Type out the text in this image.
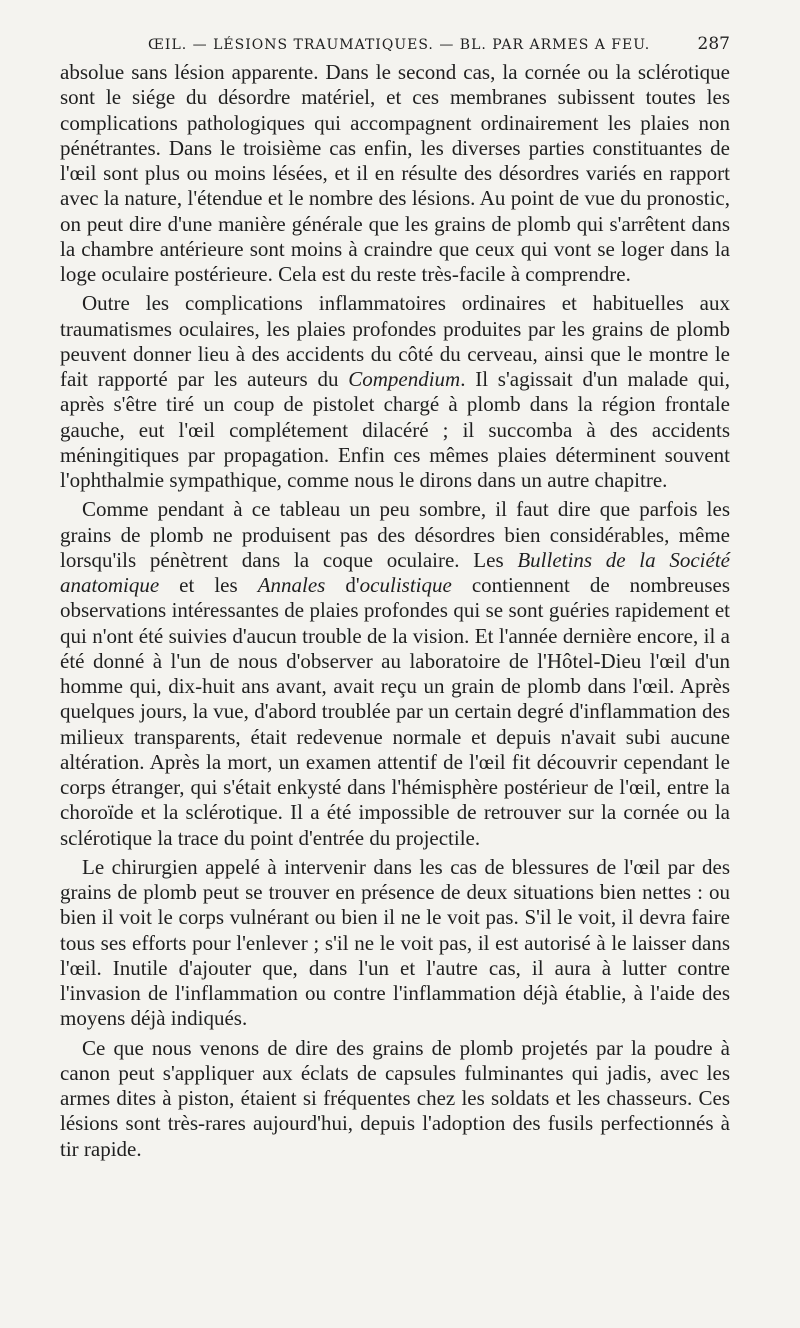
ŒIL. — LÉSIONS TRAUMATIQUES. — BL. PAR ARMES A FEU.	287

absolue sans lésion apparente. Dans le second cas, la cornée ou la sclérotique sont le siége du désordre matériel, et ces membranes subissent toutes les complications pathologiques qui accompagnent ordinairement les plaies non pénétrantes. Dans le troisième cas enfin, les diverses parties constituantes de l'œil sont plus ou moins lésées, et il en résulte des désordres variés en rapport avec la nature, l'étendue et le nombre des lésions. Au point de vue du pronostic, on peut dire d'une manière générale que les grains de plomb qui s'arrêtent dans la chambre antérieure sont moins à craindre que ceux qui vont se loger dans la loge oculaire postérieure. Cela est du reste très-facile à comprendre.

Outre les complications inflammatoires ordinaires et habituelles aux traumatismes oculaires, les plaies profondes produites par les grains de plomb peuvent donner lieu à des accidents du côté du cerveau, ainsi que le montre le fait rapporté par les auteurs du Compendium. Il s'agissait d'un malade qui, après s'être tiré un coup de pistolet chargé à plomb dans la région frontale gauche, eut l'œil complétement dilacéré ; il succomba à des accidents méningitiques par propagation. Enfin ces mêmes plaies déterminent souvent l'ophthalmie sympathique, comme nous le dirons dans un autre chapitre.

Comme pendant à ce tableau un peu sombre, il faut dire que parfois les grains de plomb ne produisent pas des désordres bien considérables, même lorsqu'ils pénètrent dans la coque oculaire. Les Bulletins de la Société anatomique et les Annales d'oculistique contiennent de nombreuses observations intéressantes de plaies profondes qui se sont guéries rapidement et qui n'ont été suivies d'aucun trouble de la vision. Et l'année dernière encore, il a été donné à l'un de nous d'observer au laboratoire de l'Hôtel-Dieu l'œil d'un homme qui, dix-huit ans avant, avait reçu un grain de plomb dans l'œil. Après quelques jours, la vue, d'abord troublée par un certain degré d'inflammation des milieux transparents, était redevenue normale et depuis n'avait subi aucune altération. Après la mort, un examen attentif de l'œil fit découvrir cependant le corps étranger, qui s'était enkysté dans l'hémisphère postérieur de l'œil, entre la choroïde et la sclérotique. Il a été impossible de retrouver sur la cornée ou la sclérotique la trace du point d'entrée du projectile.

Le chirurgien appelé à intervenir dans les cas de blessures de l'œil par des grains de plomb peut se trouver en présence de deux situations bien nettes : ou bien il voit le corps vulnérant ou bien il ne le voit pas. S'il le voit, il devra faire tous ses efforts pour l'enlever ; s'il ne le voit pas, il est autorisé à le laisser dans l'œil. Inutile d'ajouter que, dans l'un et l'autre cas, il aura à lutter contre l'invasion de l'inflammation ou contre l'inflammation déjà établie, à l'aide des moyens déjà indiqués.

Ce que nous venons de dire des grains de plomb projetés par la poudre à canon peut s'appliquer aux éclats de capsules fulminantes qui jadis, avec les armes dites à piston, étaient si fréquentes chez les soldats et les chasseurs. Ces lésions sont très-rares aujourd'hui, depuis l'adoption des fusils perfectionnés à tir rapide.
